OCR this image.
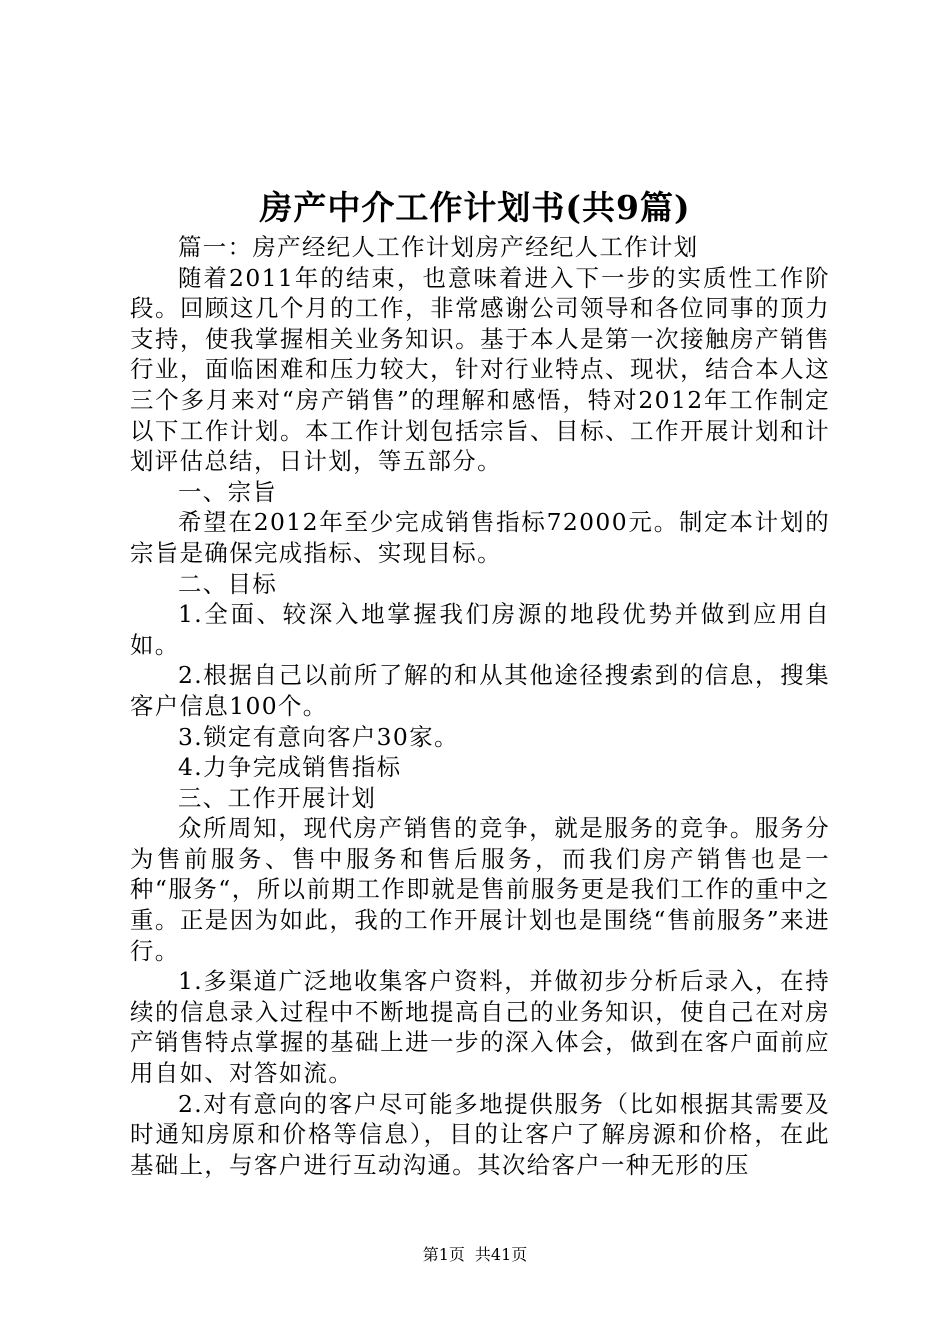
房产中介工作计划书(共9篇)

篇一：房产经纪人工作计划房产经纪人工作计划

随着2011年的结束，也意味着进入下一步的实质性工作阶段。回顾这几个月的工作，非常感谢公司领导和各位同事的顶力支持，使我掌握相关业务知识。基于本人是第一次接触房产销售行业，面临困难和压力较大，针对行业特点、现状，结合本人这三个多月来对“房产销售”的理解和感悟，特对2012年工作制定以下工作计划。本工作计划包括宗旨、目标、工作开展计划和计划评估总结，日计划，等五部分。

一、宗旨

希望在2012年至少完成销售指标72000元。制定本计划的宗旨是确保完成指标、实现目标。

二、目标

1.全面、较深入地掌握我们房源的地段优势并做到应用自如。

2.根据自己以前所了解的和从其他途径搜索到的信息，搜集客户信息100个。

3.锁定有意向客户30家。

4.力争完成销售指标

三、工作开展计划

众所周知，现代房产销售的竞争，就是服务的竞争。服务分为售前服务、售中服务和售后服务，而我们房产销售也是一种“服务“，所以前期工作即就是售前服务更是我们工作的重中之重。正是因为如此，我的工作开展计划也是围绕“售前服务”来进行。

1.多渠道广泛地收集客户资料，并做初步分析后录入，在持续的信息录入过程中不断地提高自己的业务知识，使自己在对房产销售特点掌握的基础上进一步的深入体会，做到在客户面前应用自如、对答如流。

2.对有意向的客户尽可能多地提供服务（比如根据其需要及时通知房原和价格等信息），目的让客户了解房源和价格，在此基础上，与客户进行互动沟通。其次给客户一种无形的压

第1页 共41页
